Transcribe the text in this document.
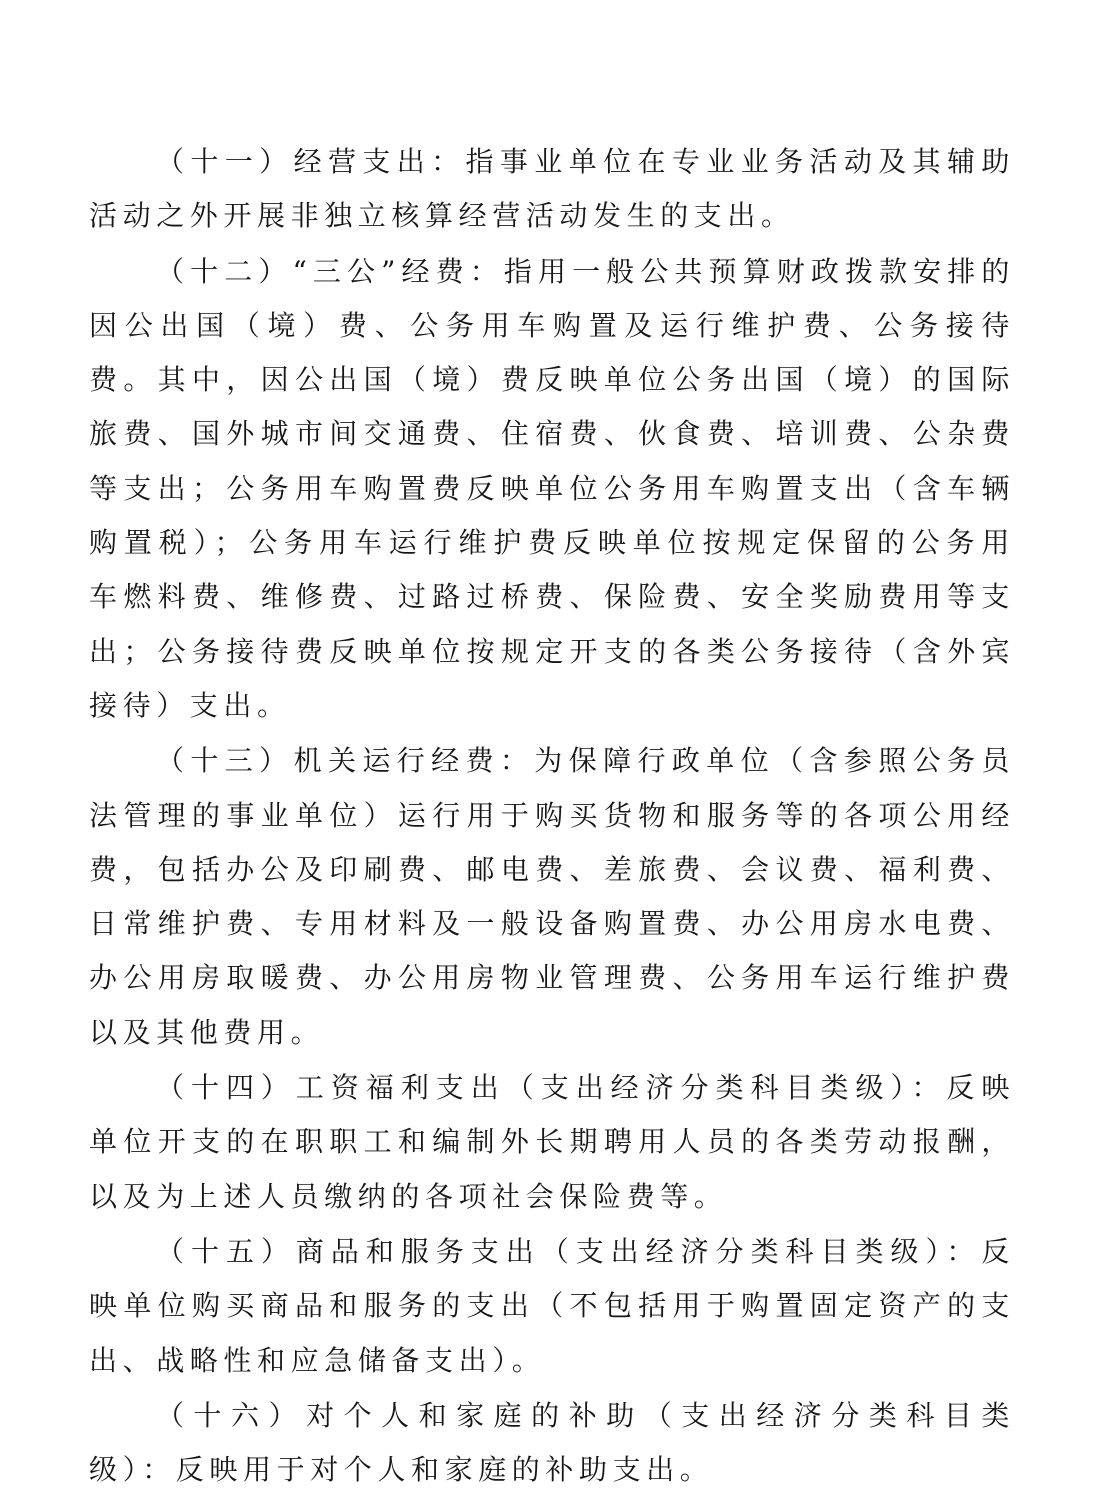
（十一）经营支出：指事业单位在专业业务活动及其辅助活动之外开展非独立核算经营活动发生的支出。

（十二）“三公”经费：指用一般公共预算财政拨款安排的因公出国（境）费、公务用车购置及运行维护费、公务接待费。其中，因公出国（境）费反映单位公务出国（境）的国际旅费、国外城市间交通费、住宿费、伙食费、培训费、公杂费等支出；公务用车购置费反映单位公务用车购置支出（含车辆购置税）；公务用车运行维护费反映单位按规定保留的公务用车燃料费、维修费、过路过桥费、保险费、安全奖励费用等支出；公务接待费反映单位按规定开支的各类公务接待（含外宾接待）支出。

（十三）机关运行经费：为保障行政单位（含参照公务员法管理的事业单位）运行用于购买货物和服务等的各项公用经费，包括办公及印刷费、邮电费、差旅费、会议费、福利费、日常维护费、专用材料及一般设备购置费、办公用房水电费、办公用房取暖费、办公用房物业管理费、公务用车运行维护费以及其他费用。

（十四）工资福利支出（支出经济分类科目类级）：反映单位开支的在职职工和编制外长期聘用人员的各类劳动报酬，以及为上述人员缴纳的各项社会保险费等。

（十五）商品和服务支出（支出经济分类科目类级）：反映单位购买商品和服务的支出（不包括用于购置固定资产的支出、战略性和应急储备支出）。

（十六）对个人和家庭的补助（支出经济分类科目类级）：反映用于对个人和家庭的补助支出。
